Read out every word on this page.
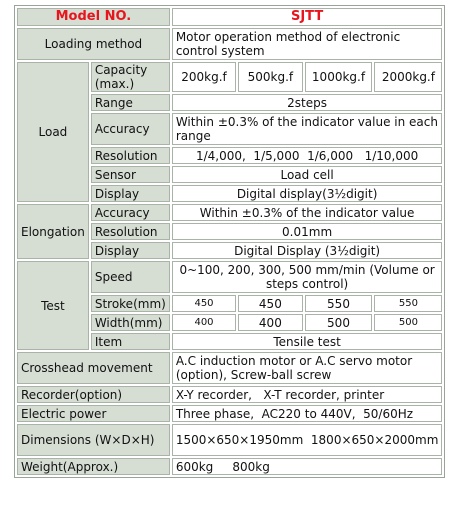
Model NO.		SJTT			
Loading method		Motor operation method of electronic control system			
Load	Capacity (max.)	200kg.f	500kg.f	1000kg.f	2000kg.f
	Range	2steps			
	Accuracy	Within ±0.3% of the indicator value in each range			
	Resolution	1/4,000,  1/5,000  1/6,000   1/10,000			
	Sensor	Load cell			
	Display	Digital display(3½digit)			
Elongation	Accuracy	Within ±0.3% of the indicator value			
	Resolution	0.01mm			
	Display	Digital Display (3½digit)			
Test	Speed	0~100, 200, 300, 500 mm/min (Volume or steps control)			
	Stroke(mm)	450	450	550	550
	Width(mm)	400	400	500	500
	Item	Tensile test			
Crosshead movement		A.C induction motor or A.C servo motor (option), Screw-ball screw			
Recorder(option)		X-Y recorder,   X-T recorder, printer			
Electric power		Three phase,  AC220 to 440V,  50/60Hz			
Dimensions (W×D×H)		1500×650×1950mm  1800×650×2000mm			
Weight(Approx.)		600kg     800kg			
